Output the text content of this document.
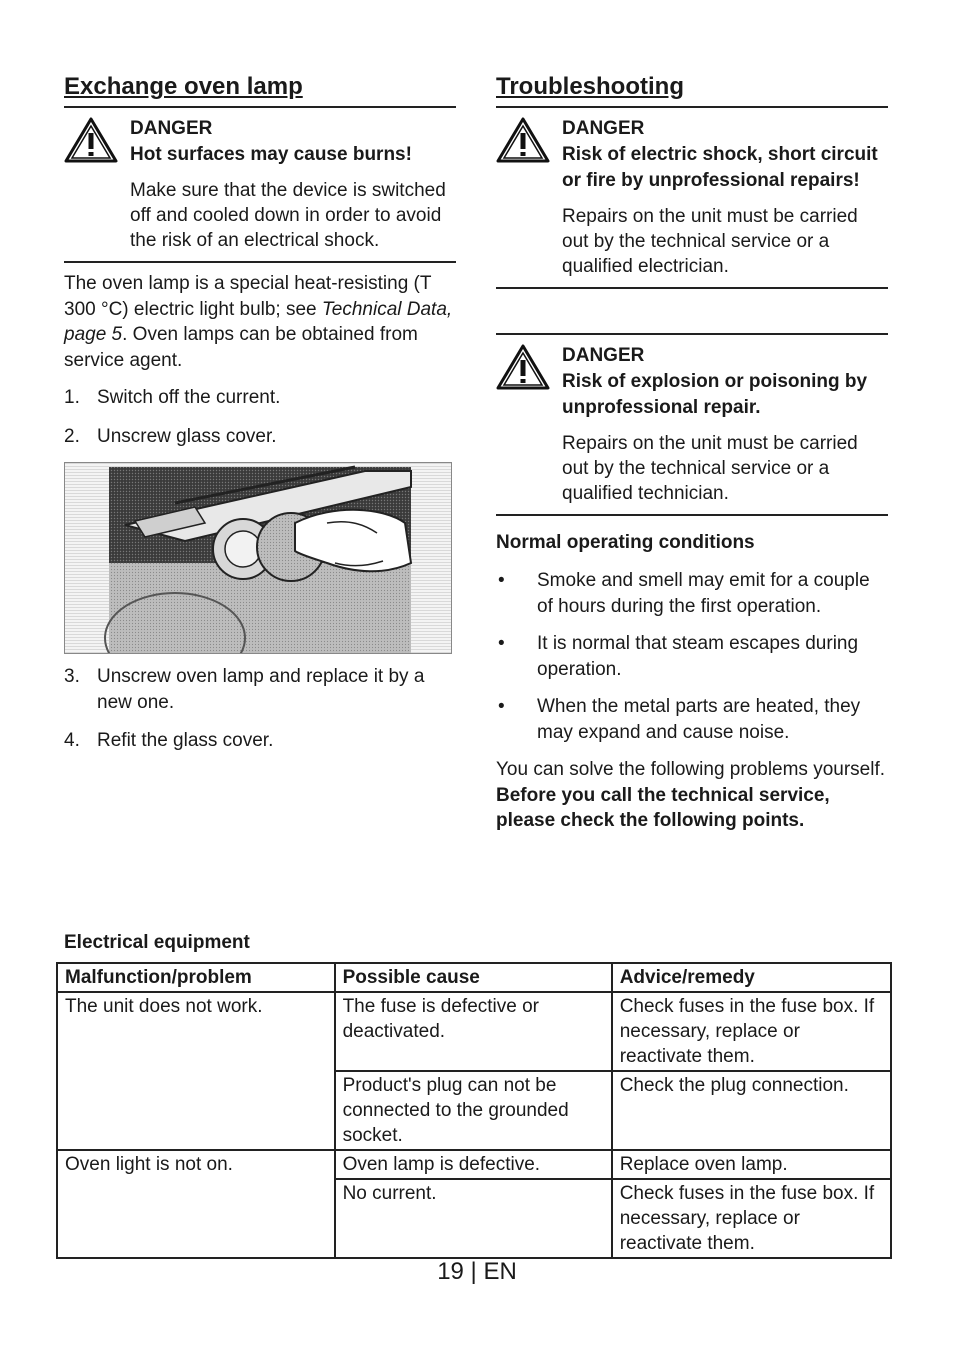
Exchange oven lamp

DANGER

Hot surfaces may cause burns!

Make sure that the device is switched off and cooled down in order to avoid the risk of an electrical shock.

The oven lamp is a special heat-resisting (T 300 °C) electric light bulb; see Technical Data, page 5. Oven lamps can be obtained from service agent.

1. Switch off the current.
2. Unscrew glass cover.
3. Unscrew oven lamp and replace it by a new one.
4. Refit the glass cover.
Troubleshooting

DANGER

Risk of electric shock, short circuit or fire by unprofessional repairs!

Repairs on the unit must be carried out by the technical service or a qualified electrician.

DANGER

Risk of explosion or poisoning by unprofessional repair.

Repairs on the unit must be carried out by the technical service or a qualified technician.

Normal operating conditions
• Smoke and smell may emit for a couple of hours during the first operation.
• It is normal that steam escapes during operation.
• When the metal parts are heated, they may expand and cause noise.

You can solve the following problems yourself. Before you call the technical service, please check the following points.

Electrical equipment
Malfunction/problem	Possible cause	Advice/remedy
The unit does not work.	The fuse is defective or deactivated.	Check fuses in the fuse box. If necessary, replace or reactivate them.
	Product's plug can not be connected to the grounded socket.	Check the plug connection.
Oven light is not on.	Oven lamp is defective.	Replace oven lamp.
	No current.	Check fuses in the fuse box. If necessary, replace or reactivate them.
19 | EN
